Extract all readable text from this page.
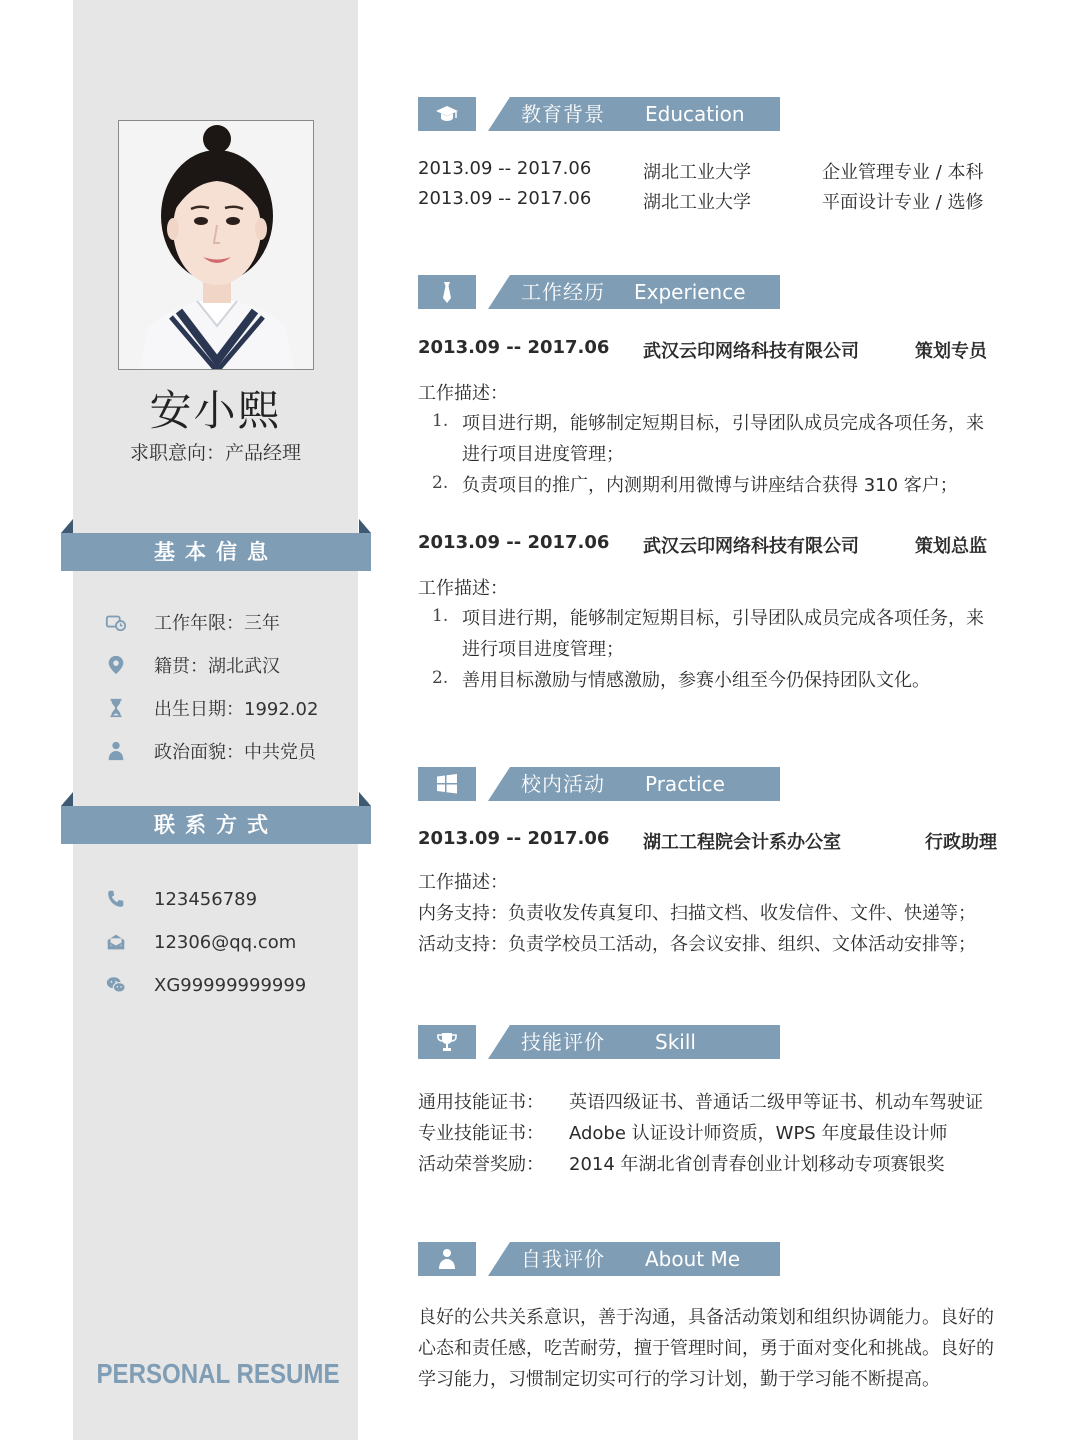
安小熙
求职意向：产品经理
基本信息
工作年限：三年
籍贯：湖北武汉
出生日期：1992.02
政治面貌：中共党员
联系方式
123456789
12306@qq.com
XG99999999999
PERSONAL RESUME
教育背景 Education
2013.09 -- 2017.06	湖北工业大学	企业管理专业 / 本科
2013.09 -- 2017.06	湖北工业大学	平面设计专业 / 选修
工作经历 Experience
2013.09 -- 2017.06 武汉云印网络科技有限公司	策划专员
工作描述：
1. 项目进行期，能够制定短期目标，引导团队成员完成各项任务，来
进行项目进度管理；
2. 负责项目的推广，内测期利用微博与讲座结合获得 310 客户；
2013.09 -- 2017.06 武汉云印网络科技有限公司	策划总监
工作描述：
1. 项目进行期，能够制定短期目标，引导团队成员完成各项任务，来
进行项目进度管理；
2. 善用目标激励与情感激励，参赛小组至今仍保持团队文化。
校内活动 Practice
2013.09 -- 2017.06 湖工工程院会计系办公室	行政助理
工作描述：
内务支持：负责收发传真复印、扫描文档、收发信件、文件、快递等；
活动支持：负责学校员工活动，各会议安排、组织、文体活动安排等；
技能评价	Skill
通用技能证书： 英语四级证书、普通话二级甲等证书、机动车驾驶证
专业技能证书： Adobe 认证设计师资质，WPS 年度最佳设计师
活动荣誉奖励： 2014 年湖北省创青春创业计划移动专项赛银奖
自我评价 About Me
良好的公共关系意识，善于沟通，具备活动策划和组织协调能力。良好的
心态和责任感，吃苦耐劳，擅于管理时间，勇于面对变化和挑战。良好的
学习能力，习惯制定切实可行的学习计划，勤于学习能不断提高。
